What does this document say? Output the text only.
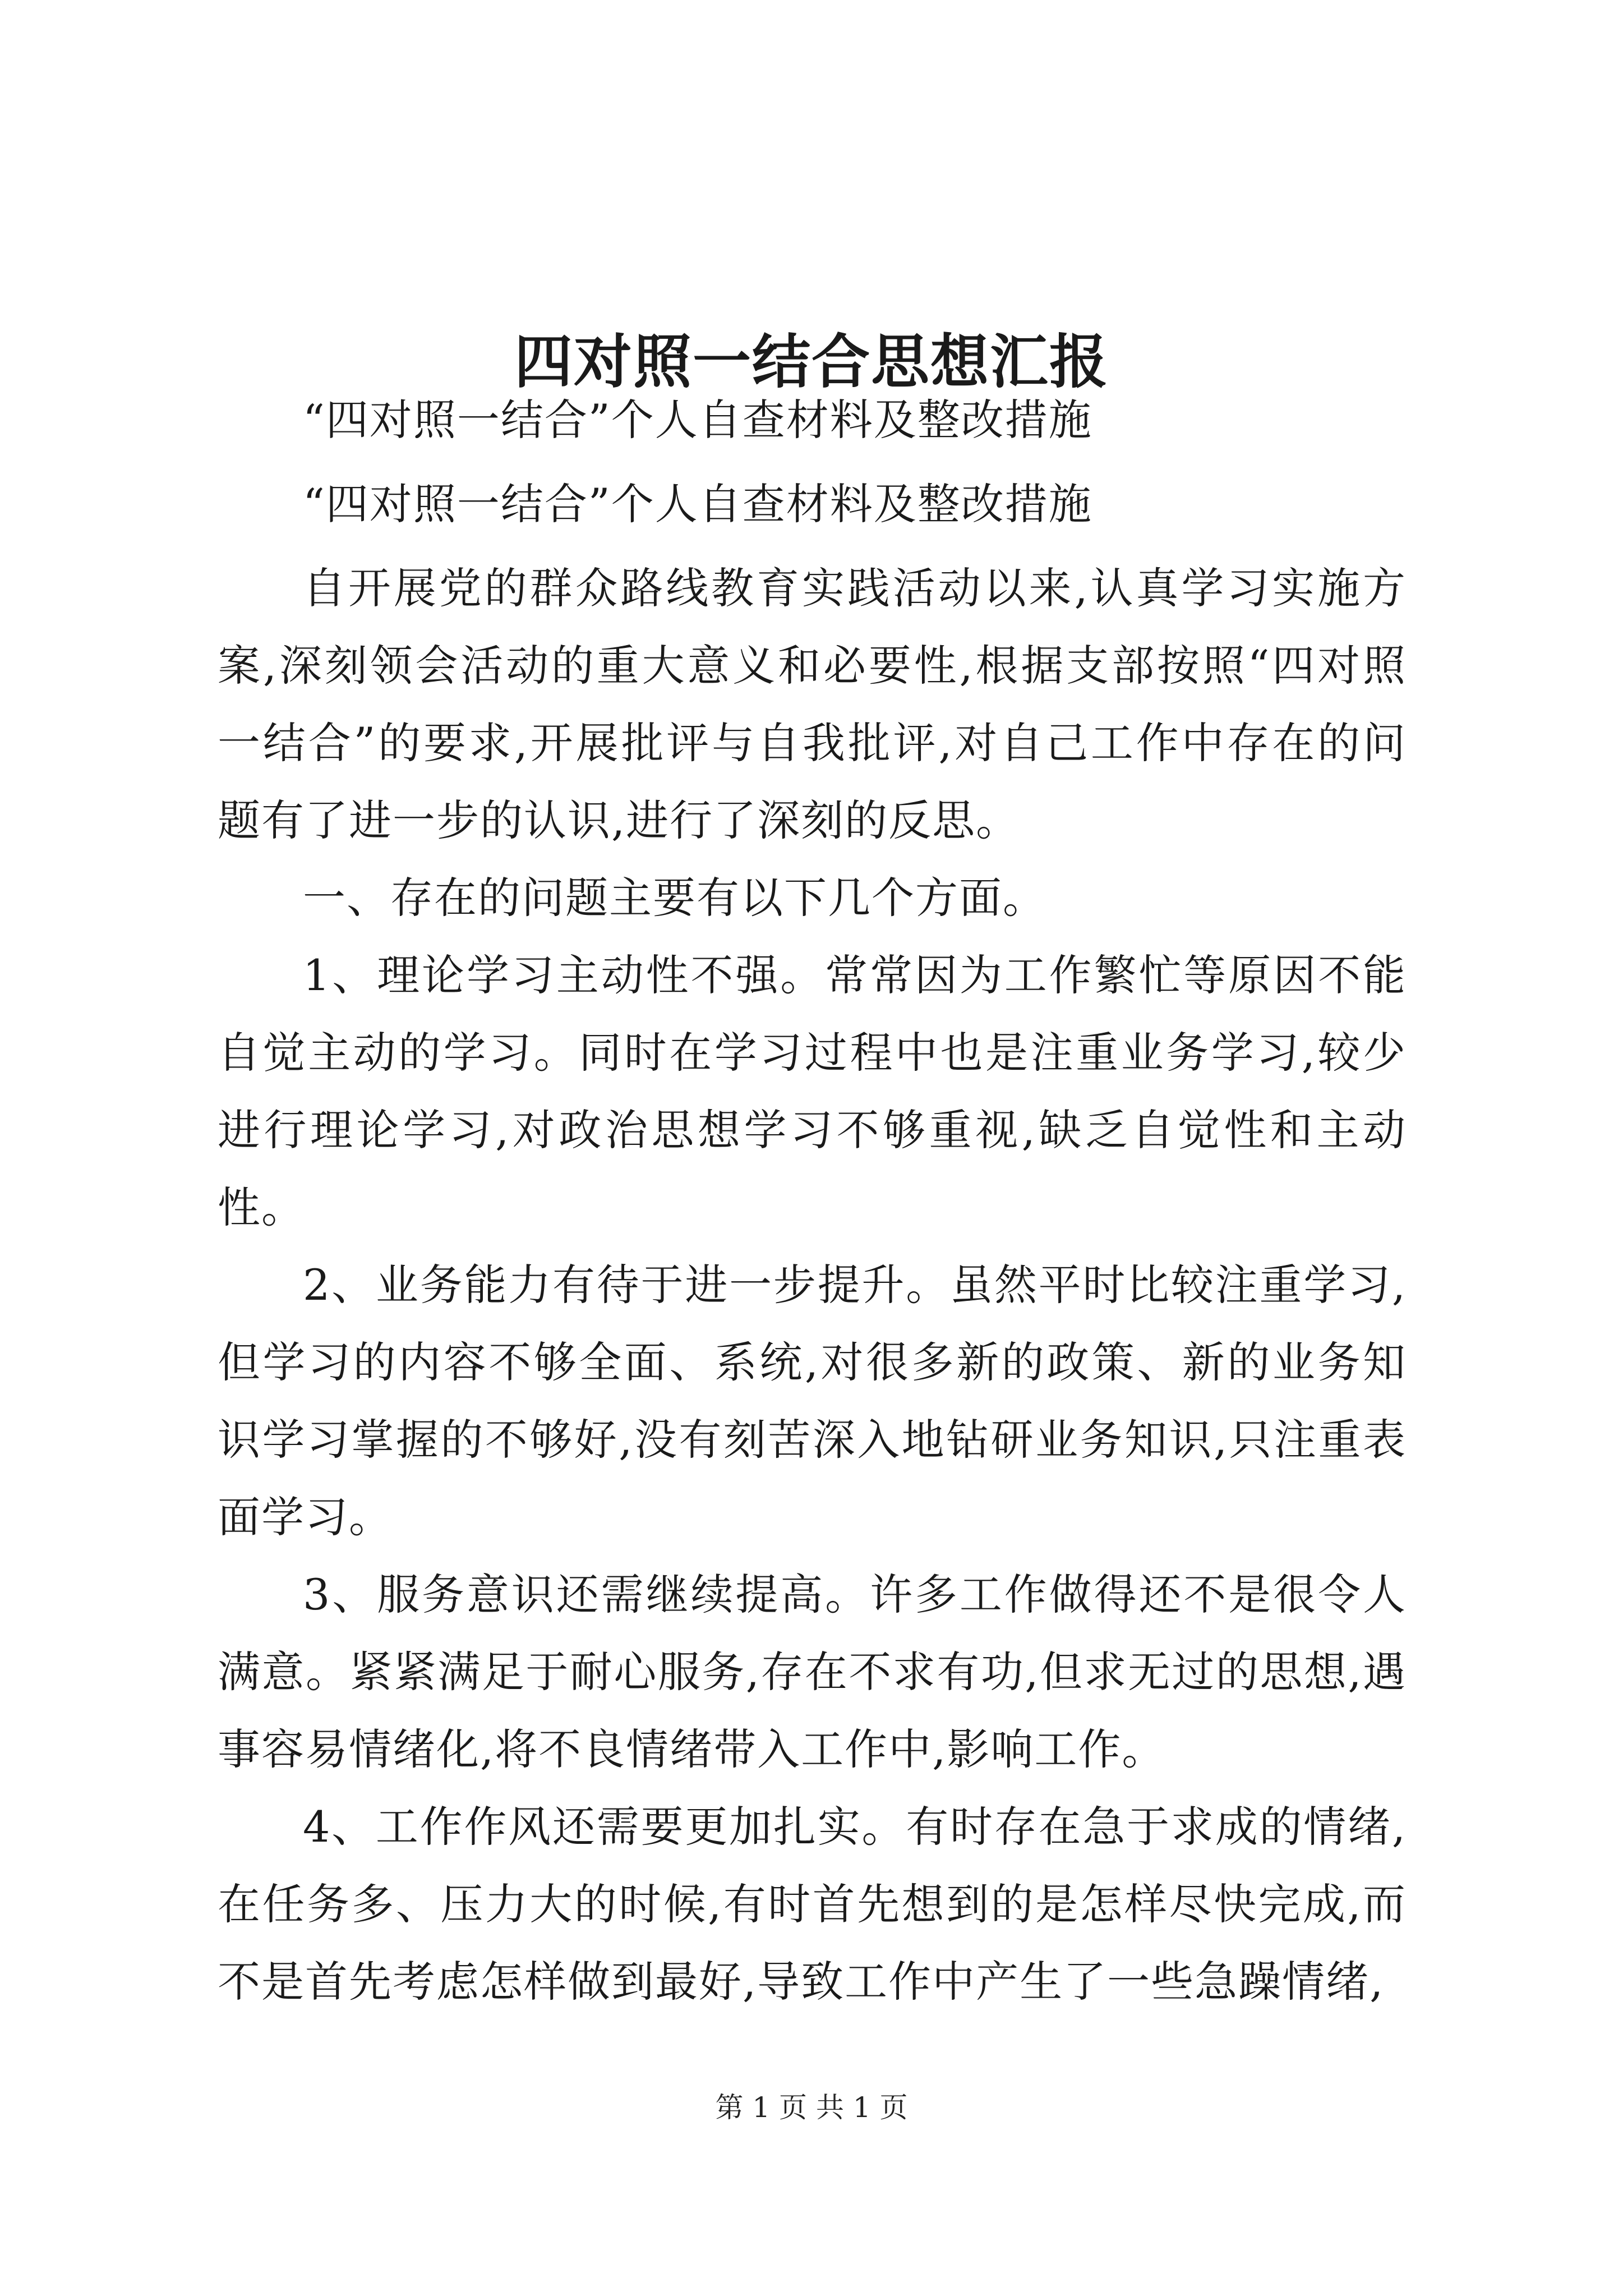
四对照一结合思想汇报

“四对照一结合”个人自查材料及整改措施

“四对照一结合”个人自查材料及整改措施

自开展党的群众路线教育实践活动以来,认真学习实施方案,深刻领会活动的重大意义和必要性,根据支部按照“四对照一结合”的要求,开展批评与自我批评,对自己工作中存在的问题有了进一步的认识,进行了深刻的反思。

一、存在的问题主要有以下几个方面。

1、理论学习主动性不强。常常因为工作繁忙等原因不能自觉主动的学习。同时在学习过程中也是注重业务学习,较少进行理论学习,对政治思想学习不够重视,缺乏自觉性和主动性。

2、业务能力有待于进一步提升。虽然平时比较注重学习,但学习的内容不够全面、系统,对很多新的政策、新的业务知识学习掌握的不够好,没有刻苦深入地钻研业务知识,只注重表面学习。

3、服务意识还需继续提高。许多工作做得还不是很令人满意。紧紧满足于耐心服务,存在不求有功,但求无过的思想,遇事容易情绪化,将不良情绪带入工作中,影响工作。

4、工作作风还需要更加扎实。有时存在急于求成的情绪,在任务多、压力大的时候,有时首先想到的是怎样尽快完成,而不是首先考虑怎样做到最好,导致工作中产生了一些急躁情绪,

第 1 页 共 1 页
